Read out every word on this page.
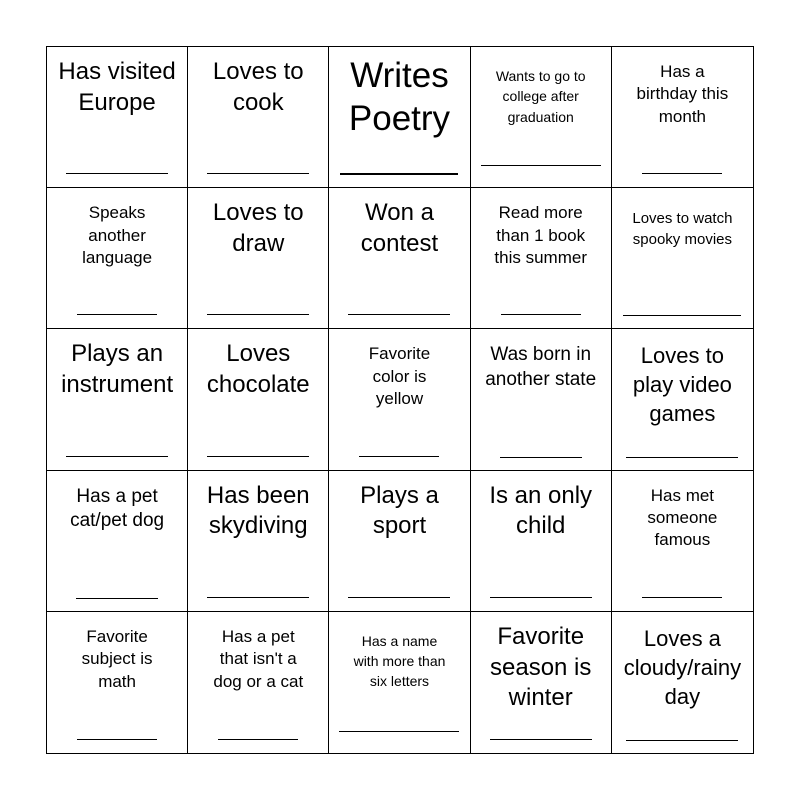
Has visited
Europe
Loves to
cook
Writes
Poetry
Wants to go to
college after
graduation
Has a
birthday this
month
Speaks
another
language
Loves to
draw
Won a
contest
Read more
than 1 book
this summer
Loves to watch
spooky movies
Plays an
instrument
Loves
chocolate
Favorite
color is
yellow
Was born in
another state
Loves to
play video
games
Has a pet
cat/pet dog
Has been
skydiving
Plays a
sport
Is an only
child
Has met
someone
famous
Favorite
subject is
math
Has a pet
that isn't a
dog or a cat
Has a name
with more than
six letters
Favorite
season is
winter
Loves a
cloudy/rainy
day
